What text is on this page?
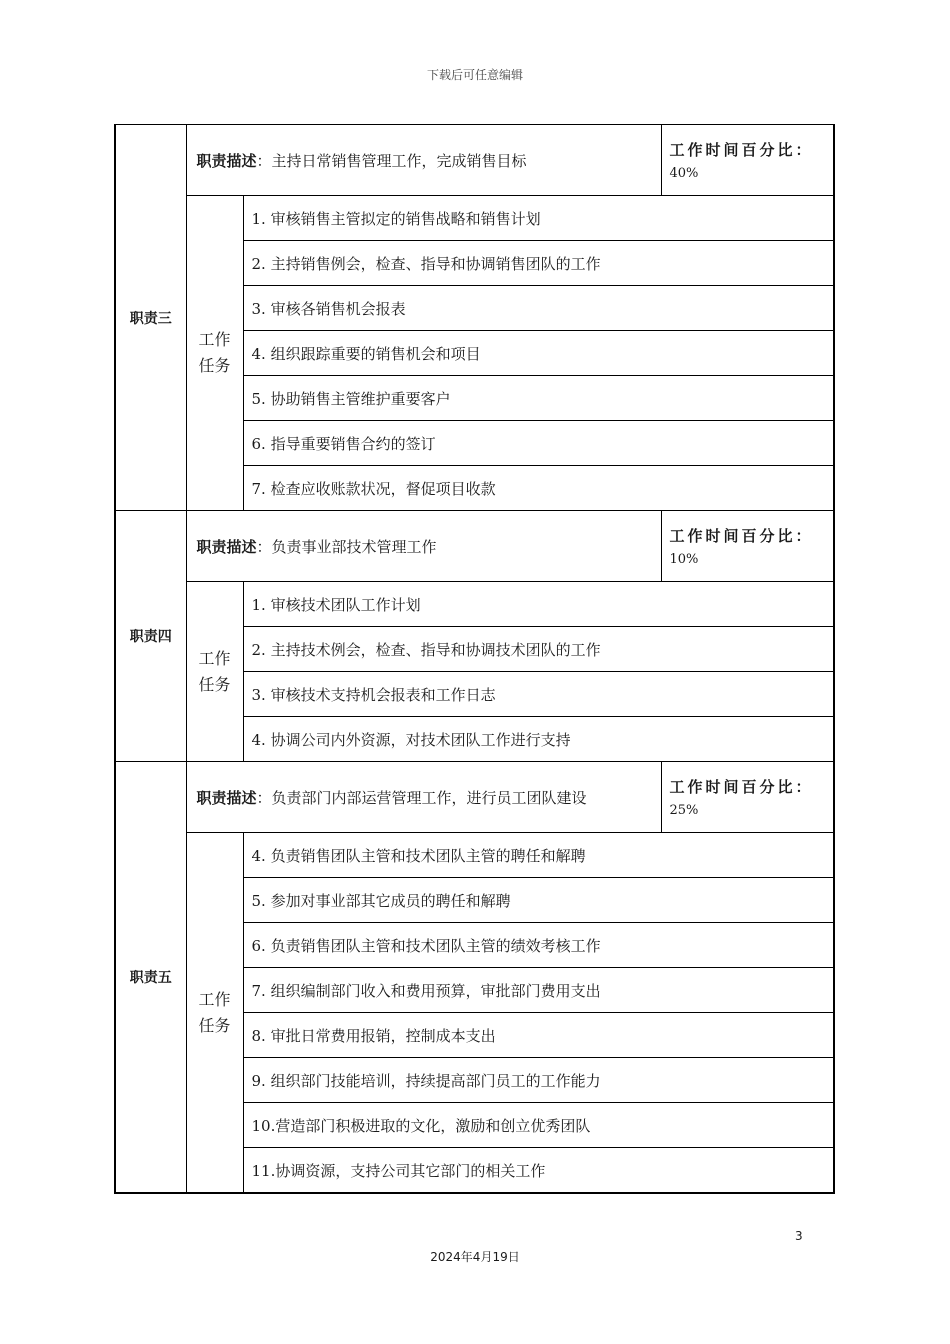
下载后可任意编辑
职责三	职责描述：主持日常销售管理工作，完成销售目标		工作时间百分比：
40%

	工作
任务	1. 审核销售主管拟定的销售战略和销售计划	
		2. 主持销售例会，检查、指导和协调销售团队的工作	
		3. 审核各销售机会报表	
		4. 组织跟踪重要的销售机会和项目	
		5. 协助销售主管维护重要客户	
		6. 指导重要销售合约的签订	
		7. 检查应收账款状况，督促项目收款	
职责四	职责描述：负责事业部技术管理工作		工作时间百分比：
10%

	工作
任务	1. 审核技术团队工作计划	
		2. 主持技术例会，检查、指导和协调技术团队的工作	
		3. 审核技术支持机会报表和工作日志	
		4. 协调公司内外资源，对技术团队工作进行支持	
职责五	职责描述：负责部门内部运营管理工作，进行员工团队建设		工作时间百分比：
25%

	工作
任务	4. 负责销售团队主管和技术团队主管的聘任和解聘	
		5. 参加对事业部其它成员的聘任和解聘	
		6. 负责销售团队主管和技术团队主管的绩效考核工作	
		7. 组织编制部门收入和费用预算，审批部门费用支出	
		8. 审批日常费用报销，控制成本支出	
		9. 组织部门技能培训，持续提高部门员工的工作能力	
		10.营造部门积极进取的文化，激励和创立优秀团队	
		11.协调资源，支持公司其它部门的相关工作	
3
2024年4月19日
